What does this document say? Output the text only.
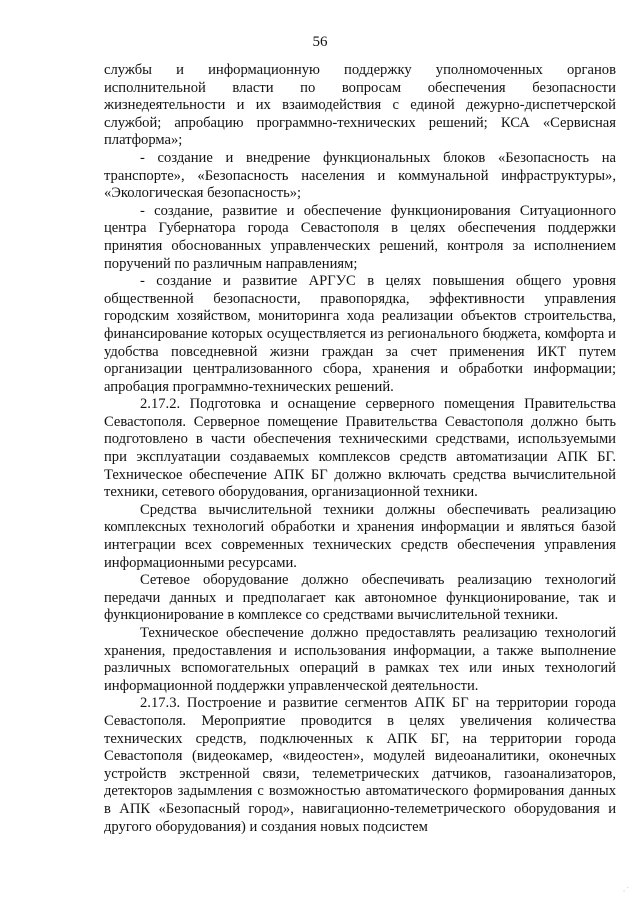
56

службы и информационную поддержку уполномоченных органов исполнительной власти по вопросам обеспечения безопасности жизнедеятельности и их взаимодействия с единой дежурно-диспетчерской службой; апробацию программно-технических решений; КСА «Сервисная платформа»;

- создание и внедрение функциональных блоков «Безопасность на транспорте», «Безопасность населения и коммунальной инфраструктуры», «Экологическая безопасность»;

- создание, развитие и обеспечение функционирования Ситуационного центра Губернатора города Севастополя в целях обеспечения поддержки принятия обоснованных управленческих решений, контроля за исполнением поручений по различным направлениям;

- создание и развитие АРГУС в целях повышения общего уровня общественной безопасности, правопорядка, эффективности управления городским хозяйством, мониторинга хода реализации объектов строительства, финансирование которых осуществляется из регионального бюджета, комфорта и удобства повседневной жизни граждан за счет применения ИКТ путем организации централизованного сбора, хранения и обработки информации; апробация программно-технических решений.

2.17.2. Подготовка и оснащение серверного помещения Правительства Севастополя. Серверное помещение Правительства Севастополя должно быть подготовлено в части обеспечения техническими средствами, используемыми при эксплуатации создаваемых комплексов средств автоматизации АПК БГ. Техническое обеспечение АПК БГ должно включать средства вычислительной техники, сетевого оборудования, организационной техники.

Средства вычислительной техники должны обеспечивать реализацию комплексных технологий обработки и хранения информации и являться базой интеграции всех современных технических средств обеспечения управления информационными ресурсами.

Сетевое оборудование должно обеспечивать реализацию технологий передачи данных и предполагает как автономное функционирование, так и функционирование в комплексе со средствами вычислительной техники.

Техническое обеспечение должно предоставлять реализацию технологий хранения, предоставления и использования информации, а также выполнение различных вспомогательных операций в рамках тех или иных технологий информационной поддержки управленческой деятельности.

2.17.3. Построение и развитие сегментов АПК БГ на территории города Севастополя. Мероприятие проводится в целях увеличения количества технических средств, подключенных к АПК БГ, на территории города Севастополя (видеокамер, «видеостен», модулей видеоаналитики, оконечных устройств экстренной связи, телеметрических датчиков, газоанализаторов, детекторов задымления с возможностью автоматического формирования данных в АПК «Безопасный город», навигационно-телеметрического оборудования и другого оборудования) и создания новых подсистем

·˙
